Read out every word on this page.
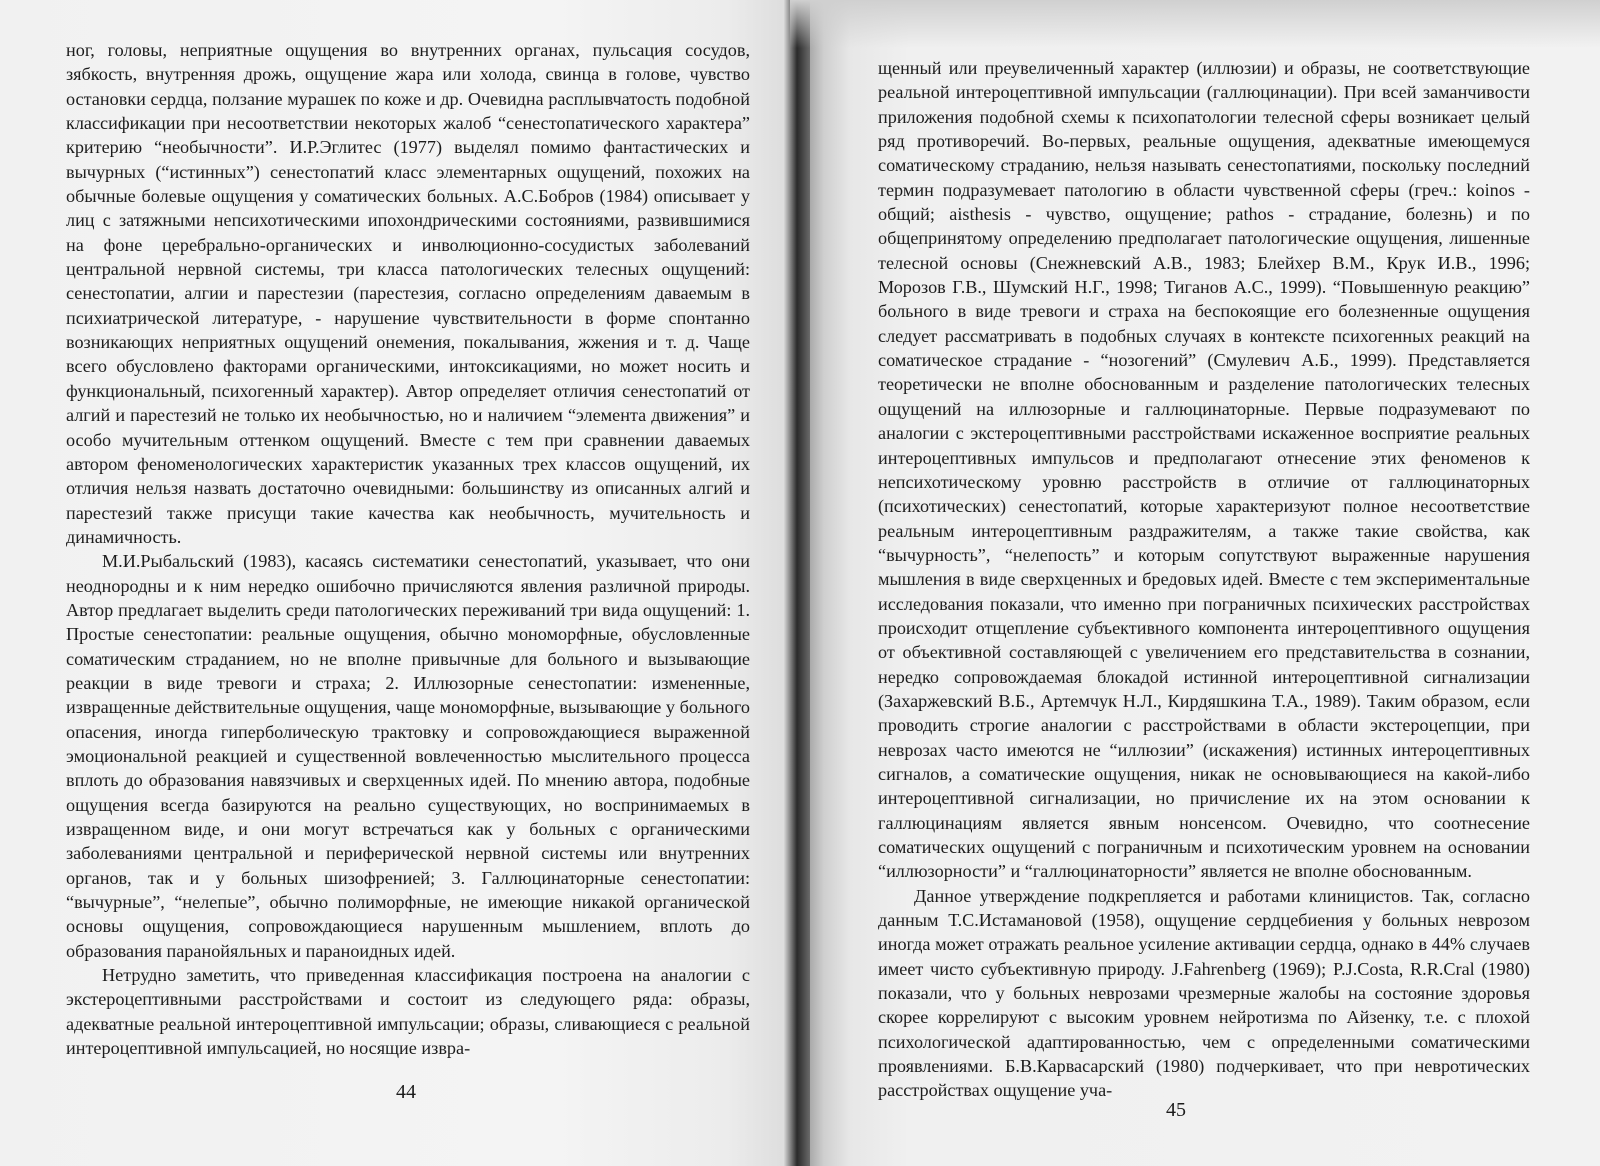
ног, головы, неприятные ощущения во внутренних органах, пульсация сосудов, зябкость, внутренняя дрожь, ощущение жара или холода, свинца в голове, чувство остановки сердца, ползание мурашек по коже и др. Очевидна расплывчатость подобной классификации при несоответствии некоторых жалоб “сенестопатического характера” критерию “необычности”. И.Р.Эглитес (1977) выделял помимо фантастических и вычурных (“истинных”) сенестопатий класс элементарных ощущений, похожих на обычные болевые ощущения у соматических больных. А.С.Бобров (1984) описывает у лиц с затяжными непсихотическими ипохондрическими состояниями, развившимися на фоне церебрально-органических и инволюционно-сосудистых заболеваний центральной нервной системы, три класса патологических телесных ощущений: сенестопатии, алгии и парестезии (парестезия, согласно определениям даваемым в психиатрической литературе, - нарушение чувствительности в форме спонтанно возникающих неприятных ощущений онемения, покалывания, жжения и т. д. Чаще всего обусловлено факторами органическими, интоксикациями, но может носить и функциональный, психогенный характер). Автор определяет отличия сенестопатий от алгий и парестезий не только их необычностью, но и наличием “элемента движения” и особо мучительным оттенком ощущений. Вместе с тем при сравнении даваемых автором феноменологических характеристик указанных трех классов ощущений, их отличия нельзя назвать достаточно очевидными: большинству из описанных алгий и парестезий также присущи такие качества как необычность, мучительность и динамичность.

М.И.Рыбальский (1983), касаясь систематики сенестопатий, указывает, что они неоднородны и к ним нередко ошибочно причисляются явления различной природы. Автор предлагает выделить среди патологических переживаний три вида ощущений: 1. Простые сенестопатии: реальные ощущения, обычно мономорфные, обусловленные соматическим страданием, но не вполне привычные для больного и вызывающие реакции в виде тревоги и страха; 2. Иллюзорные сенестопатии: измененные, извращенные действительные ощущения, чаще мономорфные, вызывающие у больного опасения, иногда гиперболическую трактовку и сопровождающиеся выраженной эмоциональной реакцией и существенной вовлеченностью мыслительного процесса вплоть до образования навязчивых и сверхценных идей. По мнению автора, подобные ощущения всегда базируются на реально существующих, но воспринимаемых в извращенном виде, и они могут встречаться как у больных с органическими заболеваниями центральной и периферической нервной системы или внутренних органов, так и у больных шизофренией; 3. Галлюцинаторные сенестопатии: “вычурные”, “нелепые”, обычно полиморфные, не имеющие никакой органической основы ощущения, сопровождающиеся нарушенным мышлением, вплоть до образования паранойяльных и параноидных идей.

Нетрудно заметить, что приведенная классификация построена на аналогии с экстероцептивными расстройствами и состоит из следующего ряда: образы, адекватные реальной интероцептивной импульсации; образы, сливающиеся с реальной интероцептивной импульсацией, но носящие извра-

44

щенный или преувеличенный характер (иллюзии) и образы, не соответствующие реальной интероцептивной импульсации (галлюцинации). При всей заманчивости приложения подобной схемы к психопатологии телесной сферы возникает целый ряд противоречий. Во-первых, реальные ощущения, адекватные имеющемуся соматическому страданию, нельзя называть сенестопатиями, поскольку последний термин подразумевает патологию в области чувственной сферы (греч.: koinos - общий; aisthesis - чувство, ощущение; pathos - страдание, болезнь) и по общепринятому определению предполагает патологические ощущения, лишенные телесной основы (Снежневский А.В., 1983; Блейхер В.М., Крук И.В., 1996; Морозов Г.В., Шумский Н.Г., 1998; Тиганов А.С., 1999). “Повышенную реакцию” больного в виде тревоги и страха на беспокоящие его болезненные ощущения следует рассматривать в подобных случаях в контексте психогенных реакций на соматическое страдание - “нозогений” (Смулевич А.Б., 1999). Представляется теоретически не вполне обоснованным и разделение патологических телесных ощущений на иллюзорные и галлюцинаторные. Первые подразумевают по аналогии с экстероцептивными расстройствами искаженное восприятие реальных интероцептивных импульсов и предполагают отнесение этих феноменов к непсихотическому уровню расстройств в отличие от галлюцинаторных (психотических) сенестопатий, которые характеризуют полное несоответствие реальным интероцептивным раздражителям, а также такие свойства, как “вычурность”, “нелепость” и которым сопутствуют выраженные нарушения мышления в виде сверхценных и бредовых идей. Вместе с тем экспериментальные исследования показали, что именно при пограничных психических расстройствах происходит отщепление субъективного компонента интероцептивного ощущения от объективной составляющей с увеличением его представительства в сознании, нередко сопровождаемая блокадой истинной интероцептивной сигнализации (Захаржевский В.Б., Артемчук Н.Л., Кирдяшкина Т.А., 1989). Таким образом, если проводить строгие аналогии с расстройствами в области экстероцепции, при неврозах часто имеются не “иллюзии” (искажения) истинных интероцептивных сигналов, а соматические ощущения, никак не основывающиеся на какой-либо интероцептивной сигнализации, но причисление их на этом основании к галлюцинациям является явным нонсенсом. Очевидно, что соотнесение соматических ощущений с пограничным и психотическим уровнем на основании “иллюзорности” и “галлюцинаторности” является не вполне обоснованным.

Данное утверждение подкрепляется и работами клиницистов. Так, согласно данным Т.С.Истамановой (1958), ощущение сердцебиения у больных неврозом иногда может отражать реальное усиление активации сердца, однако в 44% случаев имеет чисто субъективную природу. J.Fahrenberg (1969); P.J.Costa, R.R.Cral (1980) показали, что у больных неврозами чрезмерные жалобы на состояние здоровья скорее коррелируют с высоким уровнем нейротизма по Айзенку, т.е. с плохой психологической адаптированностью, чем с определенными соматическими проявлениями. Б.В.Карвасарский (1980) подчеркивает, что при невротических расстройствах ощущение уча-

45
